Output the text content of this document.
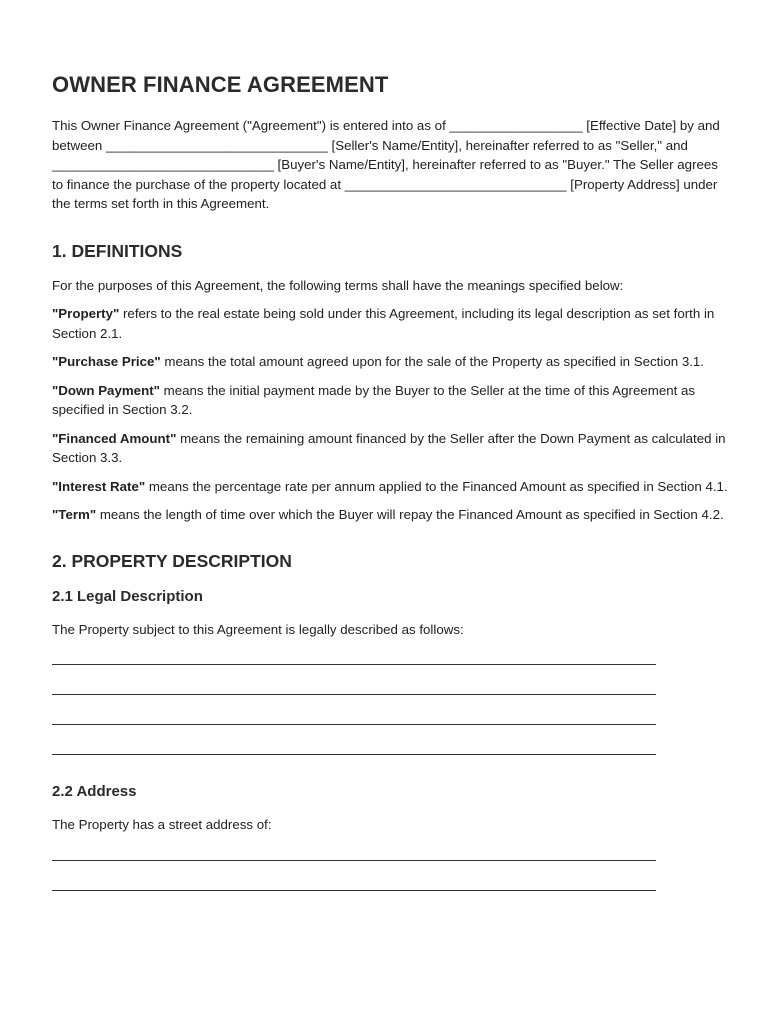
OWNER FINANCE AGREEMENT

This Owner Finance Agreement ("Agreement") is entered into as of __________________ [Effective Date] by and between ______________________________ [Seller's Name/Entity], hereinafter referred to as "Seller," and ______________________________ [Buyer's Name/Entity], hereinafter referred to as "Buyer." The Seller agrees to finance the purchase of the property located at ______________________________ [Property Address] under the terms set forth in this Agreement.

1. DEFINITIONS

For the purposes of this Agreement, the following terms shall have the meanings specified below:

"Property" refers to the real estate being sold under this Agreement, including its legal description as set forth in Section 2.1.

"Purchase Price" means the total amount agreed upon for the sale of the Property as specified in Section 3.1.

"Down Payment" means the initial payment made by the Buyer to the Seller at the time of this Agreement as specified in Section 3.2.

"Financed Amount" means the remaining amount financed by the Seller after the Down Payment as calculated in Section 3.3.

"Interest Rate" means the percentage rate per annum applied to the Financed Amount as specified in Section 4.1.

"Term" means the length of time over which the Buyer will repay the Financed Amount as specified in Section 4.2.

2. PROPERTY DESCRIPTION
2.1 Legal Description

The Property subject to this Agreement is legally described as follows:

2.2 Address

The Property has a street address of:
